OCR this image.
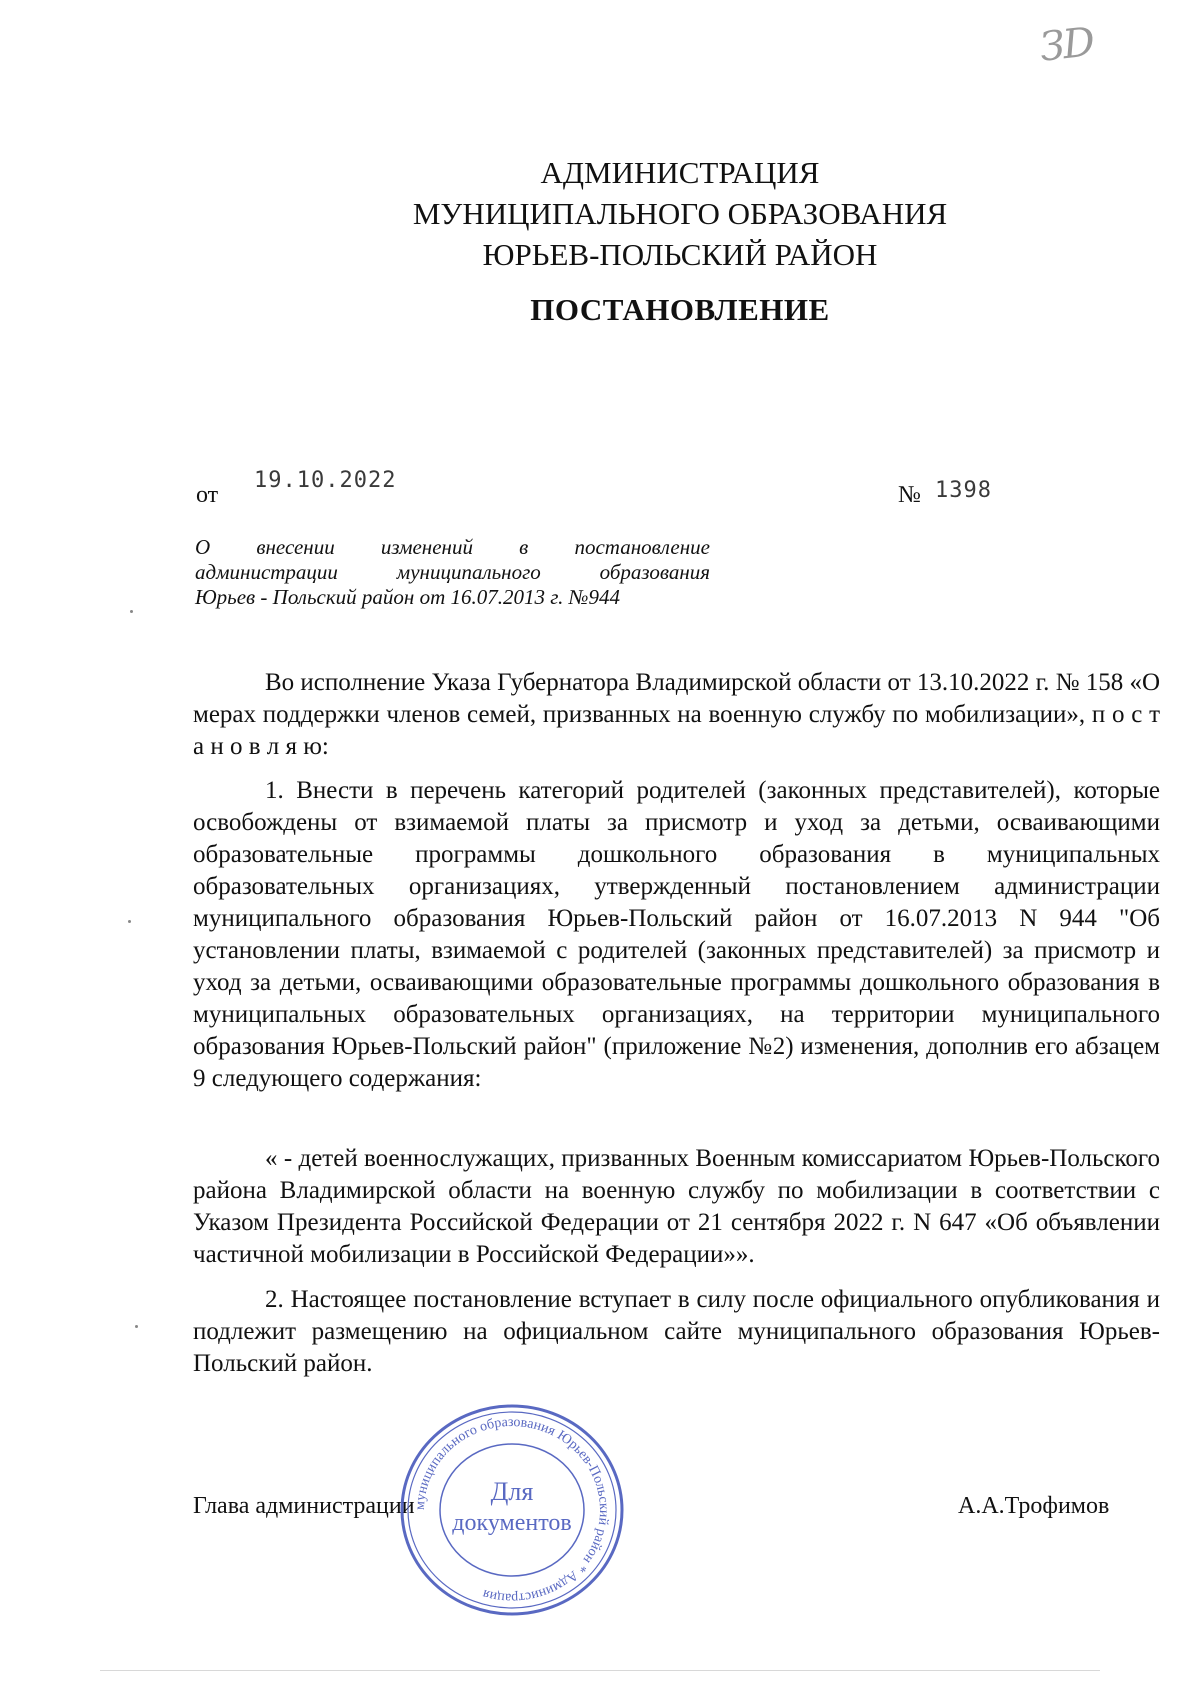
ЗD
АДМИНИСТРАЦИЯ
МУНИЦИПАЛЬНОГО ОБРАЗОВАНИЯ
ЮРЬЕВ-ПОЛЬСКИЙ РАЙОН
ПОСТАНОВЛЕНИЕ
от
19.10.2022
№ 1398
О внесении изменений в постановление
администрации муниципального образования
Юрьев - Польский район от 16.07.2013 г. №944

Во исполнение Указа Губернатора Владимирской области от 13.10.2022 г. № 158 «О мерах поддержки членов семей, призванных на военную службу по мобилизации», п о с т а н о в л я ю:

1. Внести в перечень категорий родителей (законных представителей), которые освобождены от взимаемой платы за присмотр и уход за детьми, осваивающими образовательные программы дошкольного образования в муниципальных образовательных организациях, утвержденный постановлением администрации муниципального образования Юрьев-Польский район от 16.07.2013 N 944 "Об установлении платы, взимаемой с родителей (законных представителей) за присмотр и уход за детьми, осваивающими образовательные программы дошкольного образования в муниципальных образовательных организациях, на территории муниципального образования Юрьев-Польский район" (приложение №2) изменения, дополнив его абзацем 9 следующего содержания:

« - детей военнослужащих, призванных Военным комиссариатом Юрьев-Польского района Владимирской области на военную службу по мобилизации в соответствии с Указом Президента Российской Федерации от 21 сентября 2022 г. N 647 «Об объявлении частичной мобилизации в Российской Федерации»».

2. Настоящее постановление вступает в силу после официального опубликования и подлежит размещению на официальном сайте муниципального образования Юрьев-Польский район.

Глава администрации	А.А.Трофимов
муниципального образования Юрьев-Польский район * Администрация
Для
документов
